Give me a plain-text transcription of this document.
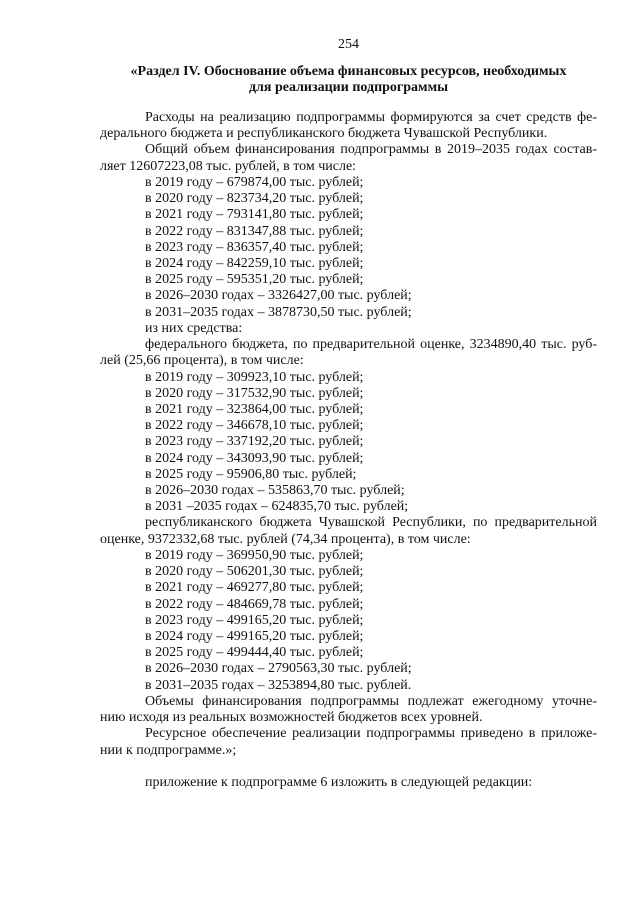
254
«Раздел IV. Обоснование объема финансовых ресурсов, необходимых
для реализации подпрограммы
Расходы на реализацию подпрограммы формируются за счет средств фе-
дерального бюджета и республиканского бюджета Чувашской Республики.
Общий объем финансирования подпрограммы в 2019–2035 годах состав-
ляет 12607223,08 тыс. рублей, в том числе:
в 2019 году – 679874,00 тыс. рублей;
в 2020 году – 823734,20 тыс. рублей;
в 2021 году – 793141,80 тыс. рублей;
в 2022 году – 831347,88 тыс. рублей;
в 2023 году – 836357,40 тыс. рублей;
в 2024 году – 842259,10 тыс. рублей;
в 2025 году – 595351,20 тыс. рублей;
в 2026–2030 годах – 3326427,00 тыс. рублей;
в 2031–2035 годах – 3878730,50 тыс. рублей;
из них средства:
федерального бюджета, по предварительной оценке, 3234890,40 тыс. руб-
лей (25,66 процента), в том числе:
в 2019 году – 309923,10 тыс. рублей;
в 2020 году – 317532,90 тыс. рублей;
в 2021 году – 323864,00 тыс. рублей;
в 2022 году – 346678,10 тыс. рублей;
в 2023 году – 337192,20 тыс. рублей;
в 2024 году – 343093,90 тыс. рублей;
в 2025 году – 95906,80 тыс. рублей;
в 2026–2030 годах – 535863,70 тыс. рублей;
в 2031 –2035 годах – 624835,70 тыс. рублей;
республиканского бюджета Чувашской Республики, по предварительной
оценке, 9372332,68 тыс. рублей (74,34 процента), в том числе:
в 2019 году – 369950,90 тыс. рублей;
в 2020 году – 506201,30 тыс. рублей;
в 2021 году – 469277,80 тыс. рублей;
в 2022 году – 484669,78 тыс. рублей;
в 2023 году – 499165,20 тыс. рублей;
в 2024 году – 499165,20 тыс. рублей;
в 2025 году – 499444,40 тыс. рублей;
в 2026–2030 годах – 2790563,30 тыс. рублей;
в 2031–2035 годах – 3253894,80 тыс. рублей.
Объемы финансирования подпрограммы подлежат ежегодному уточне-
нию исходя из реальных возможностей бюджетов всех уровней.
Ресурсное обеспечение реализации подпрограммы приведено в приложе-
нии к подпрограмме.»;
приложение к подпрограмме 6 изложить в следующей редакции:
